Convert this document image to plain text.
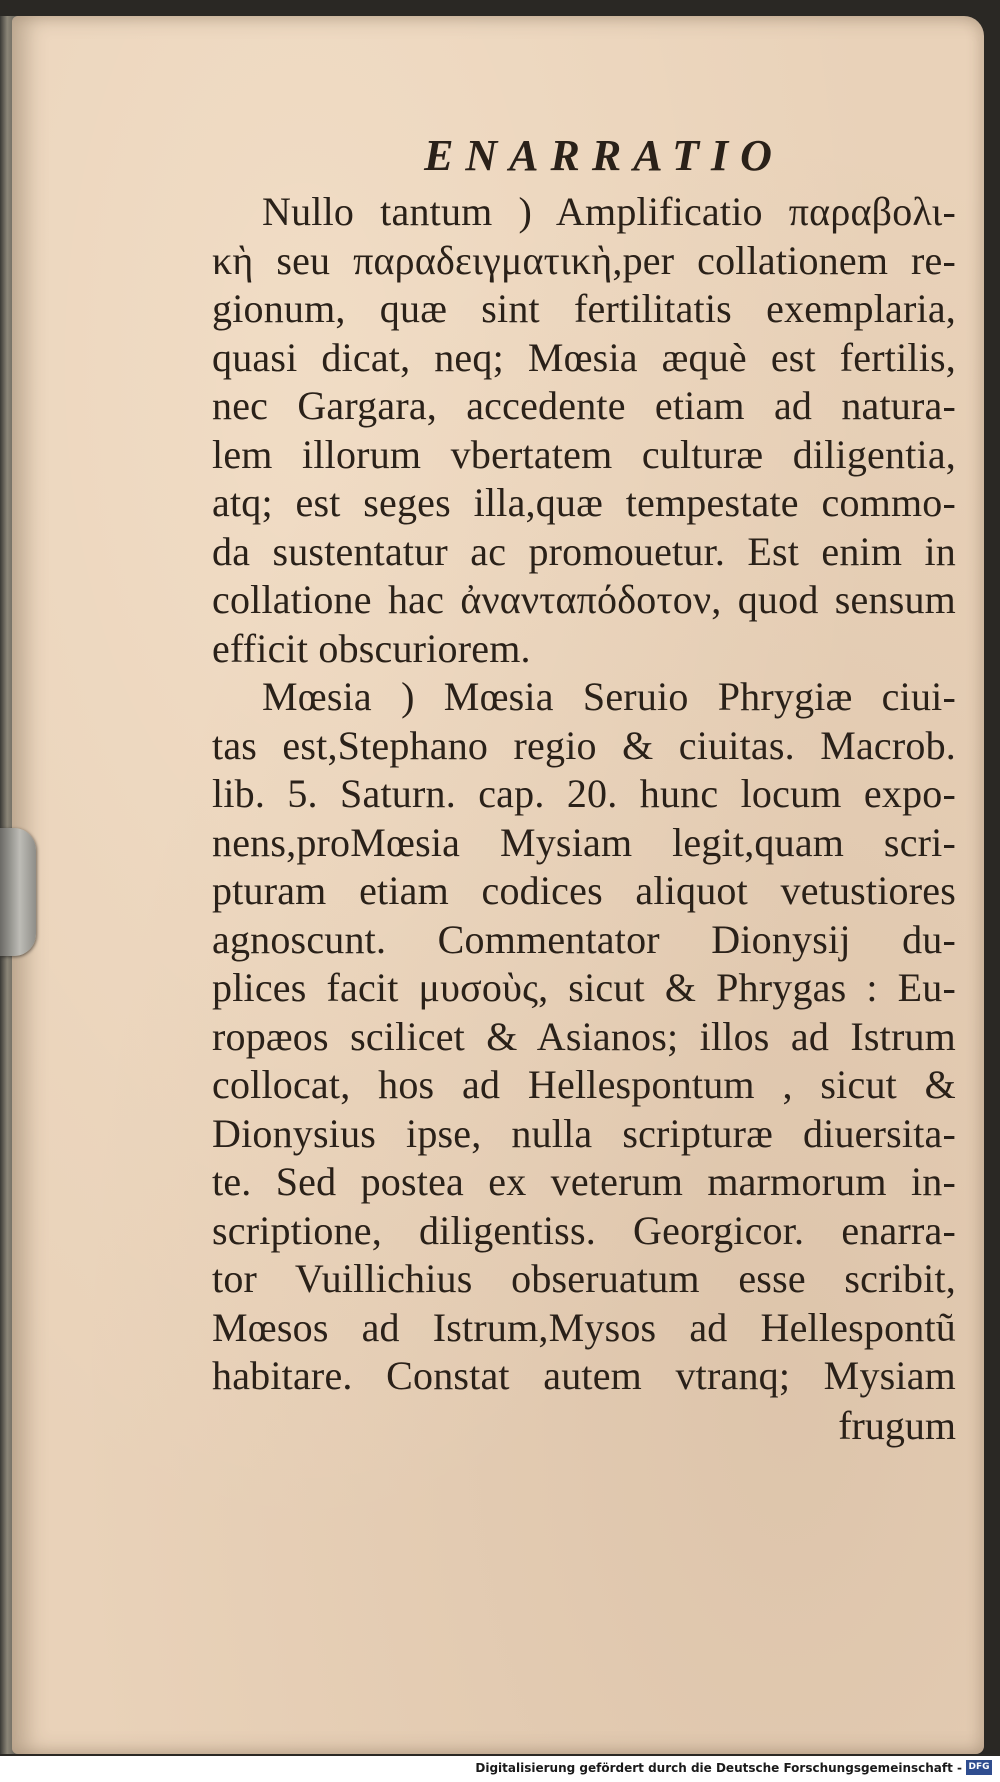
ENARRATIO
Nullo tantum ) Amplificatio παραβολι-
κὴ seu παραδειγματικὴ,per collationem re-
gionum, quæ sint fertilitatis exemplaria,
quasi dicat, neq; Mœsia æquè est fertilis,
nec Gargara, accedente etiam ad natura-
lem illorum vbertatem culturæ diligentia,
atq; est seges illa,quæ tempestate commo-
da sustentatur ac promouetur. Est enim in
collatione hac ἀνανταπόδοτον, quod sensum
efficit obscuriorem.
Mœsia ) Mœsia Seruio Phrygiæ ciui-
tas est,Stephano regio & ciuitas. Macrob.
lib. 5. Saturn. cap. 20. hunc locum expo-
nens,proMœsia Mysiam legit,quam scri-
pturam etiam codices aliquot vetustiores
agnoscunt. Commentator Dionysij du-
plices facit μυσοὺς, sicut & Phrygas : Eu-
ropæos scilicet & Asianos; illos ad Istrum
collocat, hos ad Hellespontum , sicut &
Dionysius ipse, nulla scripturæ diuersita-
te. Sed postea ex veterum marmorum in-
scriptione, diligentiss. Georgicor. enarra-
tor Vuillichius obseruatum esse scribit,
Mœsos ad Istrum,Mysos ad Hellespontũ
habitare. Constat autem vtranq; Mysiam
frugum
Digitalisierung gefördert durch die Deutsche Forschungsgemeinschaft - DFG
